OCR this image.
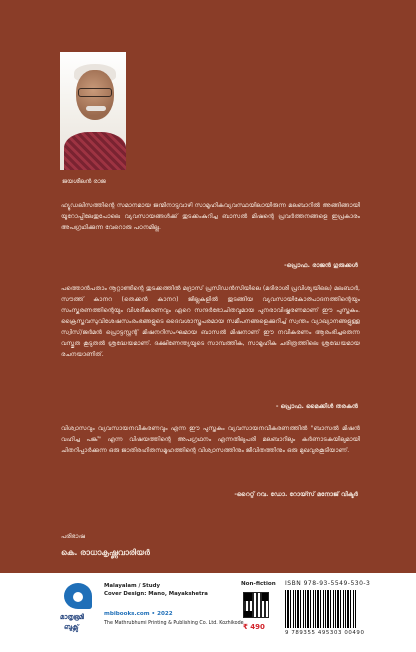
ജയശീലൻ രാജ

ഹ്യൂഡലിസത്തിന്റെ സമാനമായ ജന്മിനാടുവാഴി സാമൂഹികവ്യവസ്ഥയിലായിരുന്ന മലബാറിൽ അങ്ങിങ്ങായി യൂറോപ്പിലേതുപോലെ വ്യവസായങ്ങൾക്ക് തുടക്കംകുറിച്ച ബാസൽ മിഷന്റെ പ്രവർത്തനങ്ങളെ ഇപ്രകാരം അപഗ്രഥിക്കുന്ന വേറൊരു പഠനമില്ല.

-പ്രൊഫ. രാജൻ ഗുരുക്കൾ

പത്തൊൻപതാം നൂറ്റാണ്ടിന്റെ തുടക്കത്തിൽ മദ്രാസ് പ്രസിഡൻസിയിലെ (മദിരാശി പ്രവിശ്യയിലെ) മലബാർ, സൗത്ത് കാനറ (തെക്കൻ കാനറ) ജില്ലകളിൽ തുടങ്ങിയ വ്യവസായികോത്പാദനത്തിന്റെയും സംസ്കരണത്തിന്റെയും വിശദീകരണവും ഏറെ സന്ദർഭോചിതവുമായ പുനരാവിഷ്കരണമാണ് ഈ പുസ്തകം. ക്രൈസ്തവസുവിശേഷസംരംഭങ്ങളുടെ ദൈവശാസ്ത്രപരമായ സമീപനങ്ങളെക്കുറിച്ച് സ്വന്തം വ്യാഖ്യാനങ്ങളുള്ള സ്വിസ്/ജർമൻ പ്രൊട്ടസ്റ്റന്റ് മിഷനറിസംഘമായ ബാസൽ മിഷനാണ് ഈ നവീകരണം ആരംഭിച്ചതെന്ന വസ്തുത കൂടുതൽ ശ്രദ്ധേയമാണ്. ദക്ഷിണേന്ത്യയുടെ സാമ്പത്തിക, സാമൂഹിക ചരിത്രത്തിലെ ശ്രദ്ധേയമായ രചനയാണിത്.

- പ്രൊഫ. മൈക്കിൾ തരകൻ

വിശ്വാസവും വ്യവസായനവീകരണവും എന്ന ഈ പുസ്തകം വ്യവസായനവീകരണത്തിൽ "ബാസൽ മിഷൻ വഹിച്ച പങ്ക്" എന്ന വിഷയത്തിന്റെ അപഗ്രഥനം എന്നതിലുപരി മലബാറിലും കർണാടകയിലുമായി ചിതറിപ്പാർക്കുന്ന ഒരു ജാതിരഹിതസമൂഹത്തിന്റെ വിശ്വാസത്തിനും ജീവിതത്തിനും ഒരു മുഖവുരകൂടിയാണ്.

-റൈറ്റ് റവ. ഡോ. റോയ്സ് മനോജ് വിക്ടർ
പരിഭാഷ
കെ. രാധാകൃഷ്ണവാരിയർ
മാതൃഭൂമി
ബുക്സ്
Malayalam / Study
Cover Design: Mano, Mayakshetra
mbibooks.com • 2022
The Mathrubhumi Printing & Publishing Co. Ltd. Kozhikode
Non-fiction
₹ 490
ISBN 978-93-5549-530-3
9 789355 495303 00490
